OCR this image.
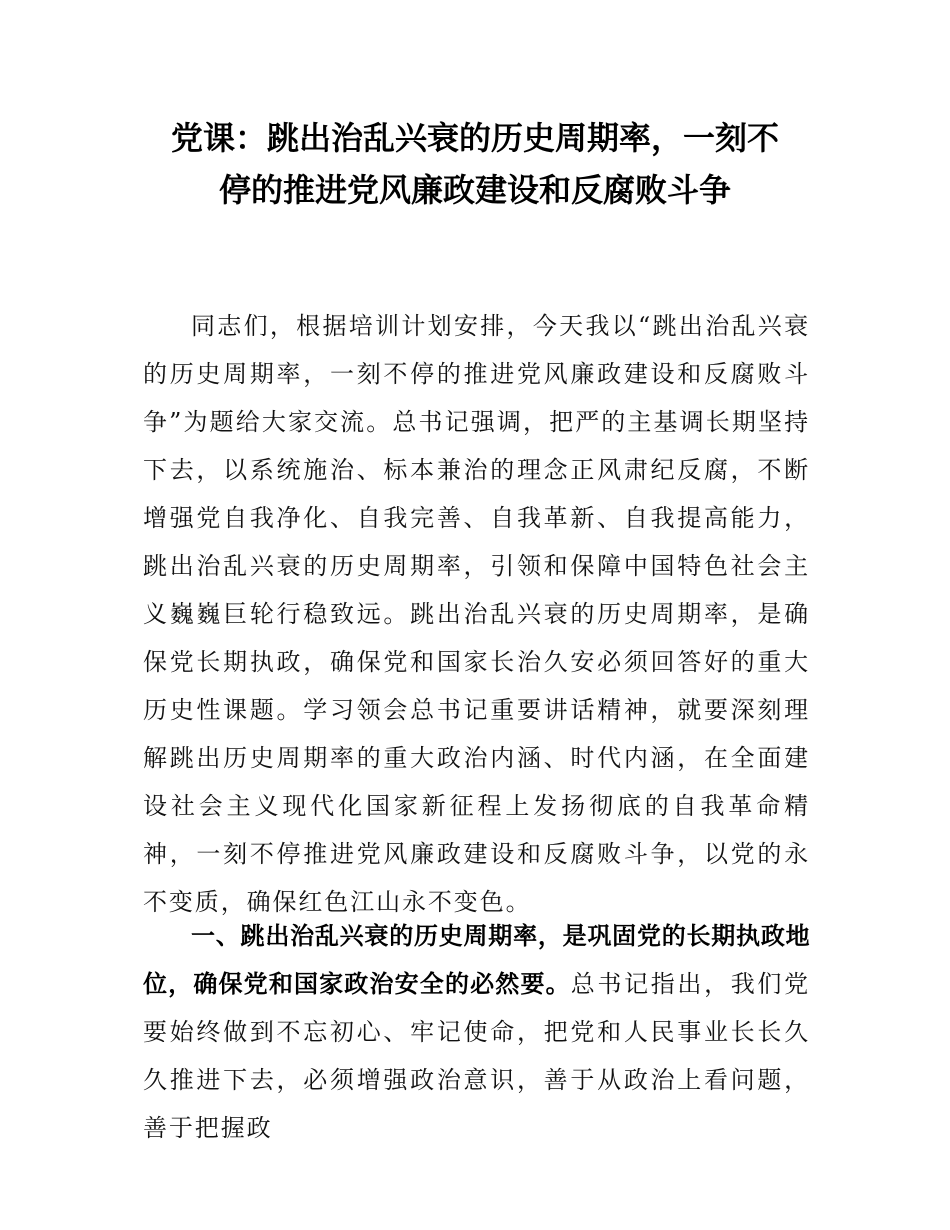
党课：跳出治乱兴衰的历史周期率，一刻不
停的推进党风廉政建设和反腐败斗争

同志们，根据培训计划安排，今天我以“跳出治乱兴衰的历史周期率，一刻不停的推进党风廉政建设和反腐败斗争”为题给大家交流。总书记强调，把严的主基调长期坚持下去，以系统施治、标本兼治的理念正风肃纪反腐，不断增强党自我净化、自我完善、自我革新、自我提高能力，跳出治乱兴衰的历史周期率，引领和保障中国特色社会主义巍巍巨轮行稳致远。跳出治乱兴衰的历史周期率，是确保党长期执政，确保党和国家长治久安必须回答好的重大历史性课题。学习领会总书记重要讲话精神，就要深刻理解跳出历史周期率的重大政治内涵、时代内涵，在全面建设社会主义现代化国家新征程上发扬彻底的自我革命精神，一刻不停推进党风廉政建设和反腐败斗争，以党的永不变质，确保红色江山永不变色。

一、跳出治乱兴衰的历史周期率，是巩固党的长期执政地位，确保党和国家政治安全的必然要。总书记指出，我们党要始终做到不忘初心、牢记使命，把党和人民事业长长久久推进下去，必须增强政治意识，善于从政治上看问题，善于把握政
